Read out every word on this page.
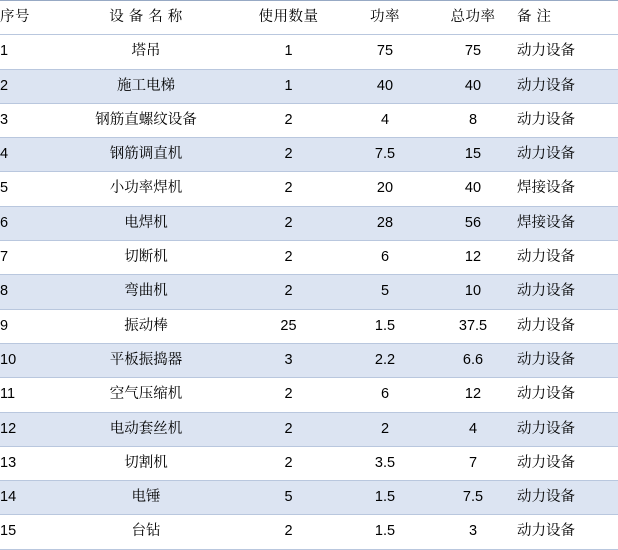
序号	设 备 名 称	使用数量	功率	总功率	备 注
1	塔吊	1	75	75	动力设备
2	施工电梯	1	40	40	动力设备
3	钢筋直螺纹设备	2	4	8	动力设备
4	钢筋调直机	2	7.5	15	动力设备
5	小功率焊机	2	20	40	焊接设备
6	电焊机	2	28	56	焊接设备
7	切断机	2	6	12	动力设备
8	弯曲机	2	5	10	动力设备
9	振动棒	25	1.5	37.5	动力设备
10	平板振捣器	3	2.2	6.6	动力设备
11	空气压缩机	2	6	12	动力设备
12	电动套丝机	2	2	4	动力设备
13	切割机	2	3.5	7	动力设备
14	电锤	5	1.5	7.5	动力设备
15	台钻	2	1.5	3	动力设备
